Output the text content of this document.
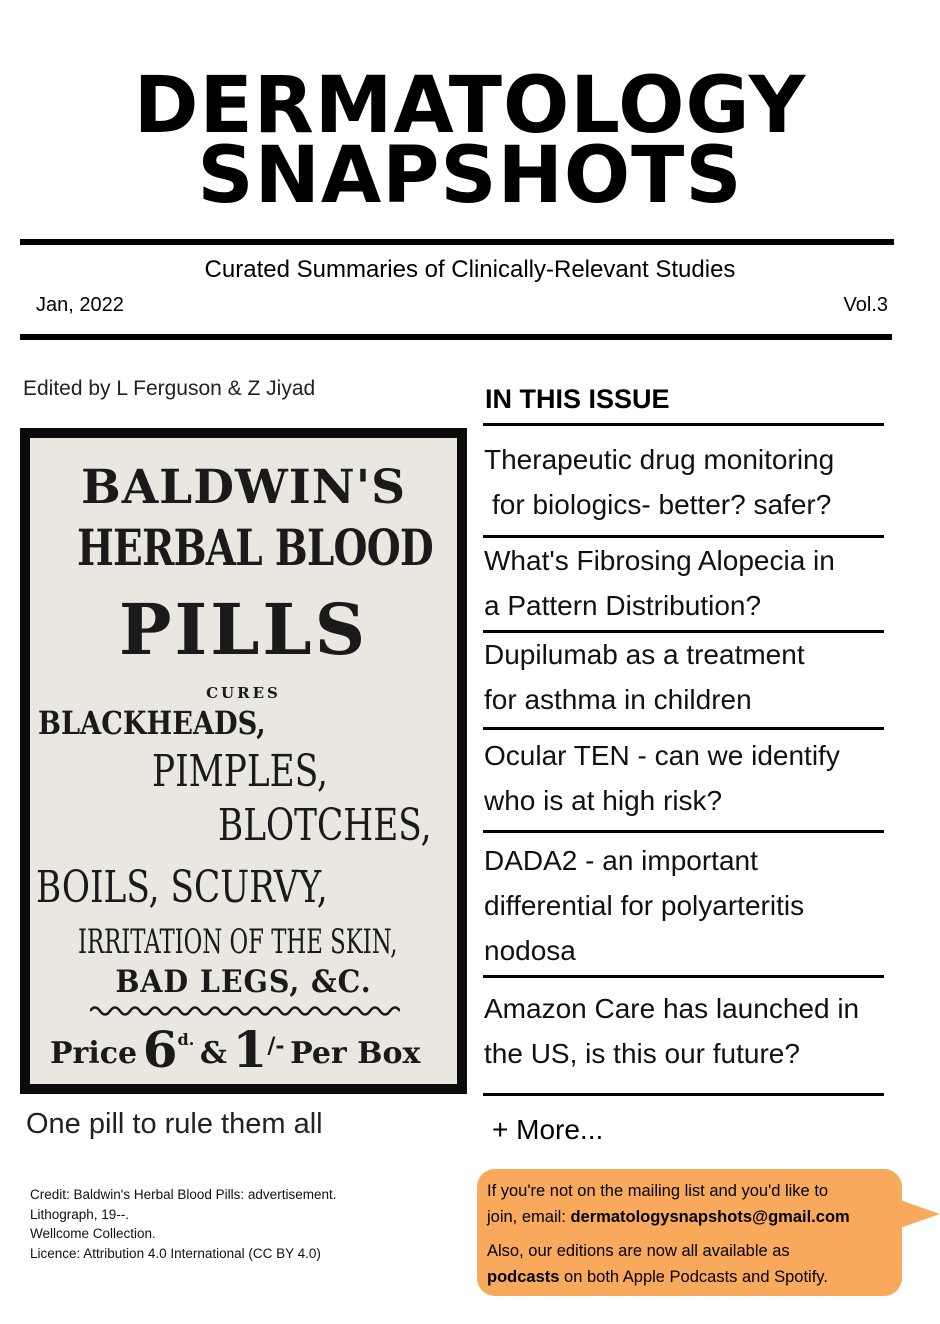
DERMATOLOGY
SNAPSHOTS
Curated Summaries of Clinically-Relevant Studies
Jan, 2022	Vol.3
Edited by L Ferguson & Z Jiyad
BALDWIN'S
HERBAL BLOOD
PILLS
CURES
BLACKHEADS,
PIMPLES,
BLOTCHES,
BOILS, SCURVY,
IRRITATION OF THE SKIN,
BAD LEGS, &C.
Price 6d. & 1/- Per Box
One pill to rule them all
Credit: Baldwin's Herbal Blood Pills: advertisement.
Lithograph, 19--.
Wellcome Collection.
Licence: Attribution 4.0 International (CC BY 4.0)
IN THIS ISSUE
Therapeutic drug monitoring
for biologics- better? safer?
What's Fibrosing Alopecia in
a Pattern Distribution?
Dupilumab as a treatment
for asthma in children
Ocular TEN - can we identify
who is at high risk?
DADA2 - an important
differential for polyarteritis
nodosa
Amazon Care has launched in
the US, is this our future?
+ More...
If you're not on the mailing list and you'd like to
join, email: dermatologysnapshots@gmail.com
Also, our editions are now all available as
podcasts on both Apple Podcasts and Spotify.
